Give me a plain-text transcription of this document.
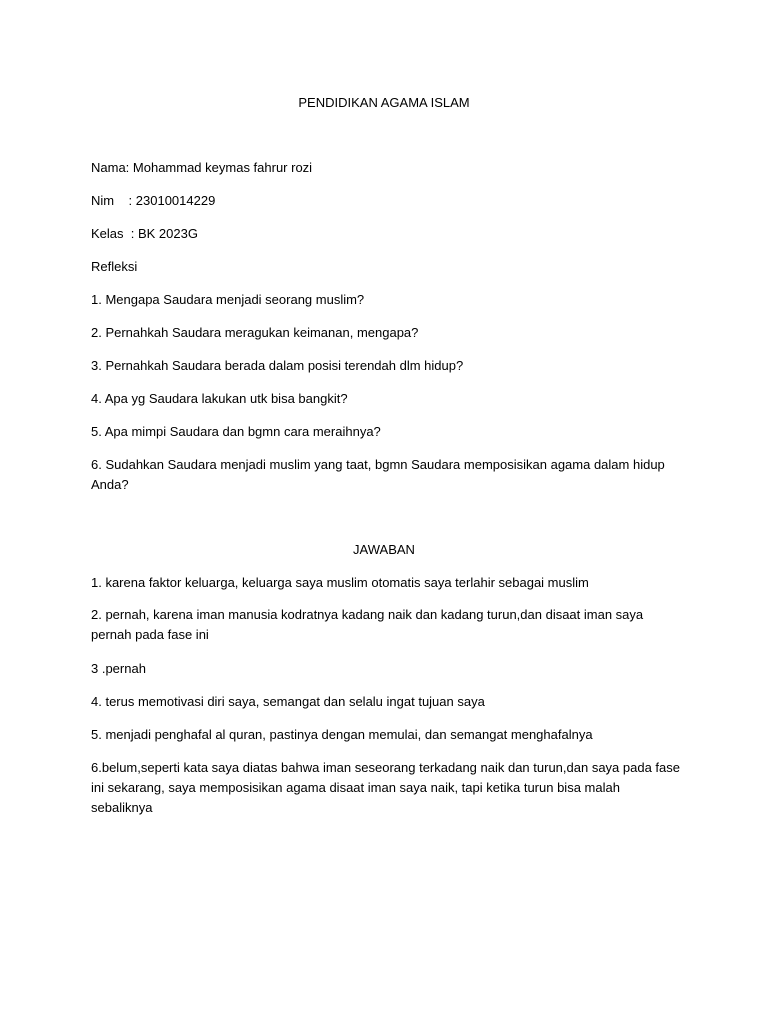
PENDIDIKAN AGAMA ISLAM
Nama: Mohammad keymas fahrur rozi
Nim    : 23010014229
Kelas  : BK 2023G
Refleksi
1. Mengapa Saudara menjadi seorang muslim?
2. Pernahkah Saudara meragukan keimanan, mengapa?
3. Pernahkah Saudara berada dalam posisi terendah dlm hidup?
4. Apa yg Saudara lakukan utk bisa bangkit?
5. Apa mimpi Saudara dan bgmn cara meraihnya?
6. Sudahkan Saudara menjadi muslim yang taat, bgmn Saudara memposisikan agama dalam hidup Anda?
JAWABAN
1. karena faktor keluarga, keluarga saya muslim otomatis saya terlahir sebagai muslim
2. pernah, karena iman manusia kodratnya kadang naik dan kadang turun,dan disaat iman saya pernah pada fase ini
3 .pernah
4. terus memotivasi diri saya, semangat dan selalu ingat tujuan saya
5. menjadi penghafal al quran, pastinya dengan memulai, dan semangat menghafalnya
6.belum,seperti kata saya diatas bahwa iman seseorang terkadang naik dan turun,dan saya pada fase ini sekarang, saya memposisikan agama disaat iman saya naik, tapi ketika turun bisa malah sebaliknya
